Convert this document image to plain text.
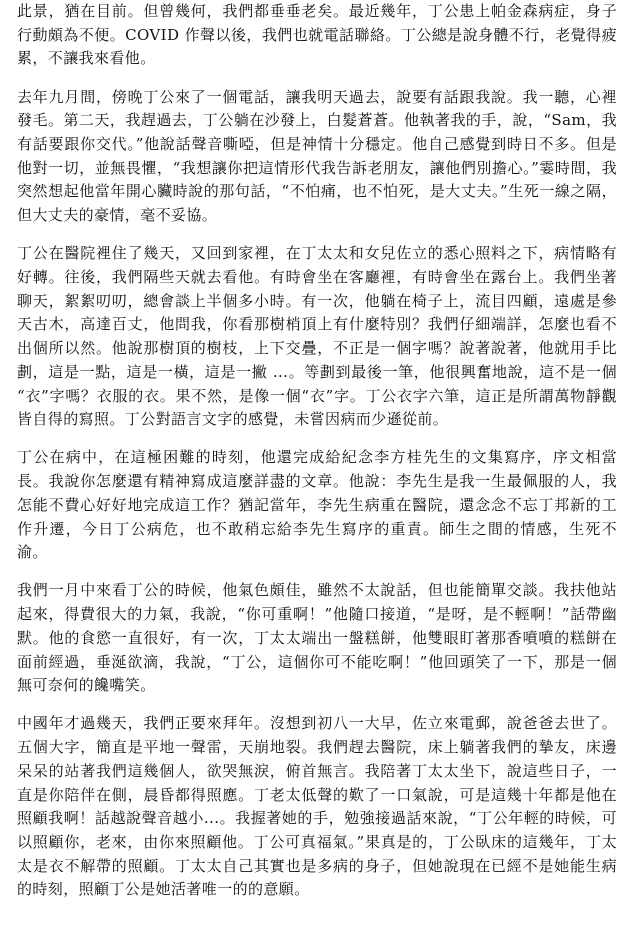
此景，猶在目前。但曾幾何，我們都垂垂老矣。最近幾年，丁公患上帕金森病症，身子行動頗為不便。COVID 作聲以後，我們也就電話聯絡。丁公總是說身體不行，老覺得疲累，不讓我來看他。

去年九月間，傍晚丁公來了一個電話，讓我明天過去，說要有話跟我說。我一聽，心裡發毛。第二天，我趕過去，丁公躺在沙發上，白髮蒼蒼。他執著我的手，說，“Sam，我有話要跟你交代。”他說話聲音嘶啞，但是神情十分穩定。他自己感覺到時日不多。但是他對一切，並無畏懼，“我想讓你把這情形代我告訴老朋友，讓他們別擔心。”霎時間，我突然想起他當年開心臟時說的那句話，“不怕痛，也不怕死，是大丈夫。”生死一線之隔，但大丈夫的豪情，毫不妥協。

丁公在醫院裡住了幾天，又回到家裡，在丁太太和女兒佐立的悉心照料之下，病情略有好轉。往後，我們隔些天就去看他。有時會坐在客廳裡，有時會坐在露台上。我們坐著聊天，絮絮叨叨，總會談上半個多小時。有一次，他躺在椅子上，流目四顧，遠處是參天古木，高達百丈，他問我，你看那樹梢頂上有什麼特別？我們仔細端詳，怎麼也看不出個所以然。他說那樹頂的樹枝，上下交疊，不正是一個字嗎？說著說著，他就用手比劃，這是一點，這是一橫，這是一撇 ...。等劃到最後一筆，他很興奮地說，這不是一個 “衣”字嗎？衣服的衣。果不然，是像一個“衣”字。丁公衣字六筆，這正是所謂萬物靜觀皆自得的寫照。丁公對語言文字的感覺，未嘗因病而少遜從前。

丁公在病中，在這極困難的時刻，他還完成給紀念李方桂先生的文集寫序，序文相當長。我說你怎麼還有精神寫成這麼詳盡的文章。他說：李先生是我一生最佩服的人，我怎能不費心好好地完成這工作？猶記當年，李先生病重在醫院，還念念不忘丁邦新的工作升遷，今日丁公病危，也不敢稍忘給李先生寫序的重責。師生之間的情感，生死不渝。

我們一月中來看丁公的時候，他氣色頗佳，雖然不太說話，但也能簡單交談。我扶他站起來，得費很大的力氣，我說，“你可重啊！”他隨口接道，“是呀，是不輕啊！”話帶幽默。他的食慾一直很好，有一次，丁太太端出一盤糕餅，他雙眼盯著那香噴噴的糕餅在面前經過，垂涎欲滴，我說，“丁公，這個你可不能吃啊！”他回頭笑了一下，那是一個無可奈何的饞嘴笑。

中國年才過幾天，我們正要來拜年。沒想到初八一大早，佐立來電郵，說爸爸去世了。五個大字，簡直是平地一聲雷，天崩地裂。我們趕去醫院，床上躺著我們的摯友，床邊呆呆的站著我們這幾個人，欲哭無淚，俯首無言。我陪著丁太太坐下，說這些日子，一直是你陪伴在側，晨昏都得照應。丁老太低聲的歎了一口氣說，可是這幾十年都是他在照顧我啊！話越說聲音越小...。我握著她的手，勉強接過話來說，“丁公年輕的時候，可以照顧你，老來，由你來照顧他。丁公可真福氣。”果真是的，丁公臥床的這幾年，丁太太是衣不解帶的照顧。丁太太自己其實也是多病的身子，但她說現在已經不是她能生病的時刻，照顧丁公是她活著唯一的的意願。
